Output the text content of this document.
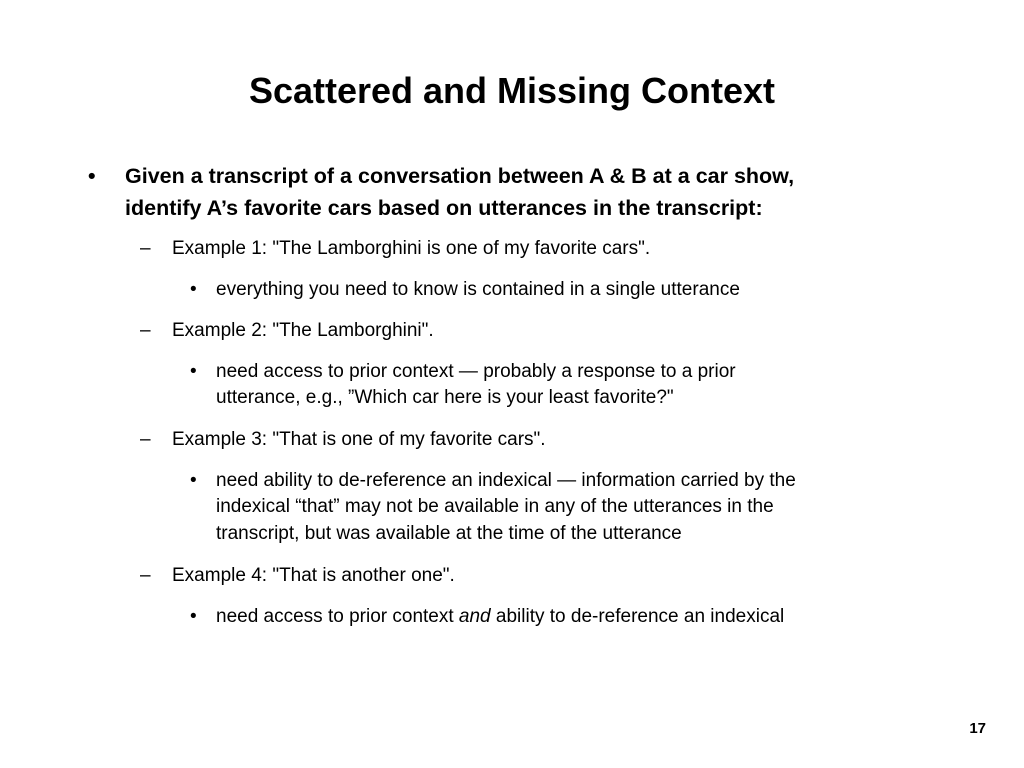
Scattered and Missing Context
• Given a transcript of a conversation between A & B at a car show,
identify A’s favorite cars based on utterances in the transcript:
– Example 1: "The Lamborghini is one of my favorite cars".
• everything you need to know is contained in a single utterance
– Example 2: "The Lamborghini".
• need access to prior context — probably a response to a prior
utterance, e.g., ”Which car here is your least favorite?"
– Example 3: "That is one of my favorite cars".
• need ability to de-reference an indexical — information carried by the
indexical “that” may not be available in any of the utterances in the
transcript, but was available at the time of the utterance
– Example 4: "That is another one".
• need access to prior context and ability to de-reference an indexical
17
